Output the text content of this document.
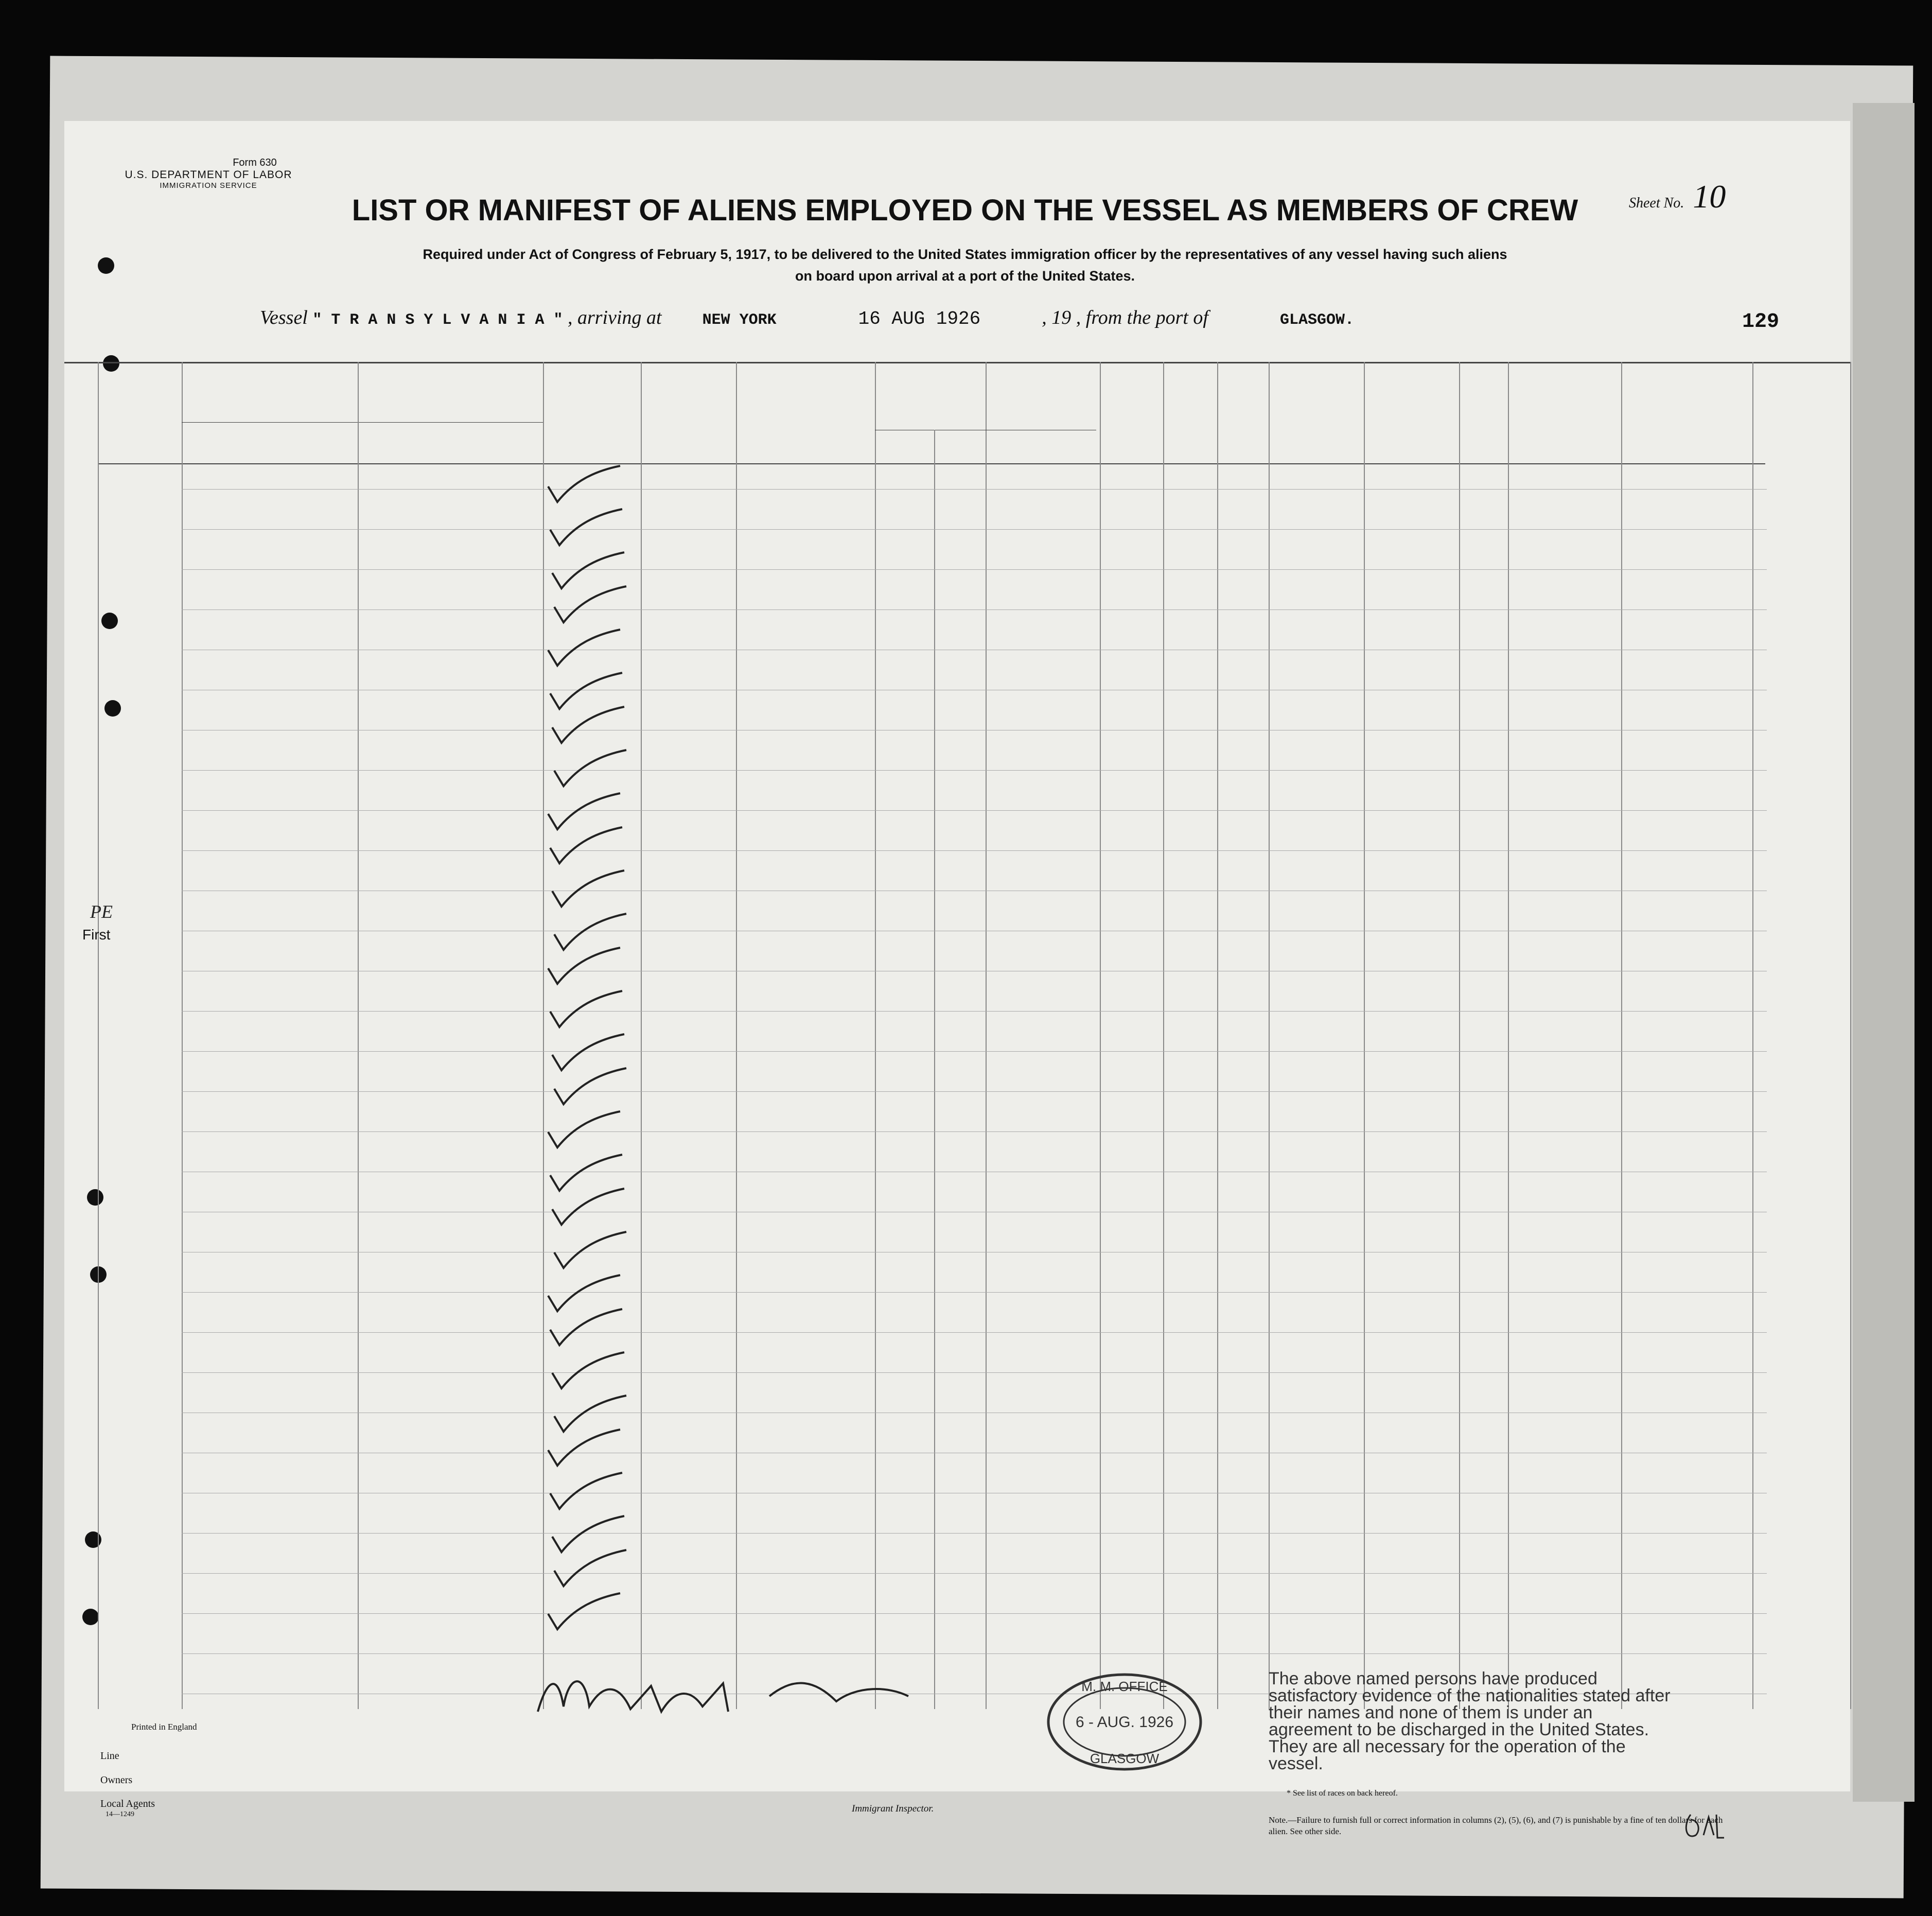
Form 630
U.S. DEPARTMENT OF LABOR
IMMIGRATION SERVICE
Sheet No. 10
LIST OR MANIFEST OF ALIENS EMPLOYED ON THE VESSEL AS MEMBERS OF CREW
Required under Act of Congress of February 5, 1917, to be delivered to the United States immigration officer by the representatives of any vessel having such aliens
on board upon arrival at a port of the United States.
Vessel " T R A N S Y L V A N I A " , arriving at	NEW YORK	16 AUG 1926	, 19 , from the port of	GLASGOW.	129
First
PE
The above named persons have produced satisfactory evidence of the nationalities stated after their names and none of them is under an agreement to be discharged in the United States. They are all necessary for the operation of the vessel.
M. M. OFFICE
6 - AUG. 1926
GLASGOW
Printed in England
Line
Owners
Local Agents
14—1249
Immigrant Inspector.
* See list of races on back hereof.
Note.—Failure to furnish full or correct information in columns (2), (5), (6), and (7) is punishable by a fine of ten dollars for each alien. See other side.
